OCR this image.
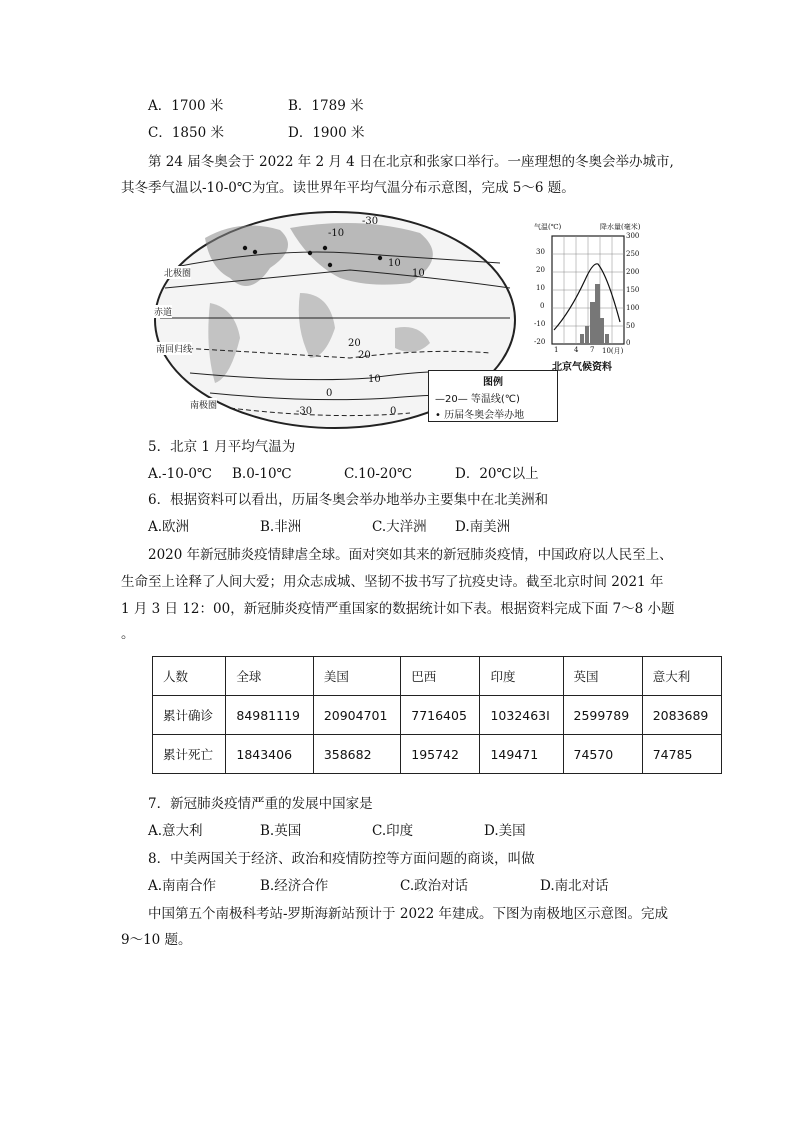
A．1700 米	B．1789 米
C．1850 米	D．1900 米
第 24 届冬奥会于 2022 年 2 月 4 日在北京和张家口举行。一座理想的冬奥会举办城市,
其冬季气温以-10-0℃为宜。读世界年平均气温分布示意图，完成 5～6 题。
北极圈
赤道
南回归线
南极圈
-30
-10
10
10
20
20
0
10
-30	0
图例
—20— 等温线(℃)
• 历届冬奥会举办地
气温(℃)	降水量(毫米)
30
20
10
0
-10
-20
300
250
200
150
100
50
0
1 4 7 10(月)
北京气候资料
5．北京 1 月平均气温为
A.-10-0℃ B.0-10℃	C.10-20℃	D．20℃以上
6．根据资料可以看出，历届冬奥会举办地举办主要集中在北美洲和
A.欧洲	B.非洲	C.大洋洲 D.南美洲
2020 年新冠肺炎疫情肆虐全球。面对突如其来的新冠肺炎疫情，中国政府以人民至上、
生命至上诠释了人间大爱；用众志成城、坚韧不拔书写了抗疫史诗。截至北京时间 2021 年
1 月 3 日 12：00，新冠肺炎疫情严重国家的数据统计如下表。根据资料完成下面 7～8 小题
。
人数	全球	美国	巴西	印度	英国	意大利
累计确诊	84981119	20904701	7716405	1032463I	2599789	2083689
累计死亡	1843406	358682	195742	149471	74570	74785
7．新冠肺炎疫情严重的发展中国家是
A.意大利	B.英国	C.印度	D.美国
8．中美两国关于经济、政治和疫情防控等方面问题的商谈，叫做
A.南南合作	B.经济合作	C.政治对话	D.南北对话
中国第五个南极科考站-罗斯海新站预计于 2022 年建成。下图为南极地区示意图。完成
9～10 题。
